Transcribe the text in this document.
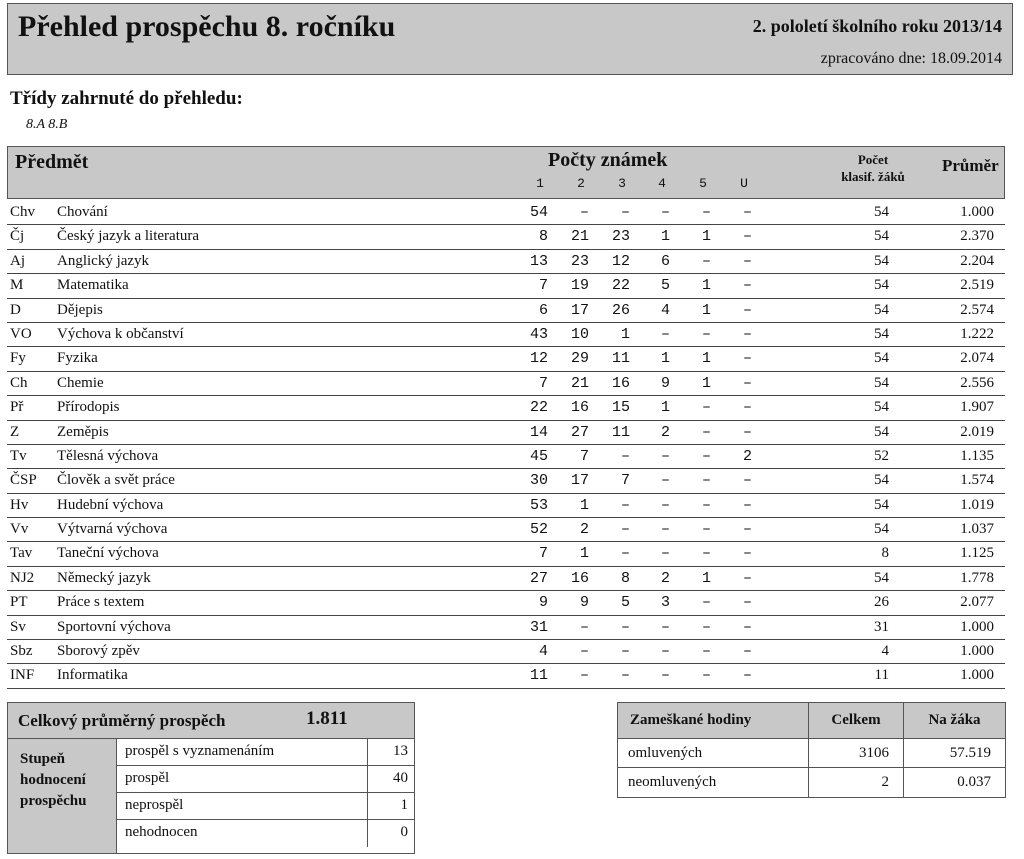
Přehled prospěchu 8. ročníku	2. pololetí školního roku 2013/14
zpracováno dne: 18.09.2014
Třídy zahrnuté do přehledu:
8.A 8.B
Předmět	Počty známek
1	2	3	4	5	U
Počet
klasif. žáků
Průměr
Chv Chování	54	–	–	–	–	–	54	1.000
Čj Český jazyk a literatura	8	21	23	1	1	–	54	2.370
Aj Anglický jazyk	13	23	12	6	–	–	54	2.204
M Matematika	7	19	22	5	1	–	54	2.519
D Dějepis	6	17	26	4	1	–	54	2.574
VO Výchova k občanství	43	10	1	–	–	–	54	1.222
Fy Fyzika	12	29	11	1	1	–	54	2.074
Ch Chemie	7	21	16	9	1	–	54	2.556
Př Přírodopis	22	16	15	1	–	–	54	1.907
Z	Zeměpis	14	27	11	2	–	–	54	2.019
Tv Tělesná výchova	45	7	–	–	–	2	52	1.135
ČSP Člověk a svět práce	30	17	7	–	–	–	54	1.574
Hv Hudební výchova	53	1	–	–	–	–	54	1.019
Vv Výtvarná výchova	52	2	–	–	–	–	54	1.037
Tav Taneční výchova	7	1	–	–	–	–	8	1.125
NJ2 Německý jazyk	27	16	8	2	1	–	54	1.778
PT Práce s textem	9	9	5	3	–	–	26	2.077
Sv Sportovní výchova	31	–	–	–	–	–	31	1.000
Sbz Sborový zpěv	4	–	–	–	–	–	4	1.000
INF Informatika	11	–	–	–	–	–	11	1.000
Celkový průměrný prospěch	1.811
Stupeň
hodnocení
prospěchu
prospěl s vyznamenáním	13
prospěl	40
neprospěl	1
nehodnocen	0
Zameškané hodiny	Celkem	Na žáka
omluvených	3106	57.519
neomluvených	2	0.037
